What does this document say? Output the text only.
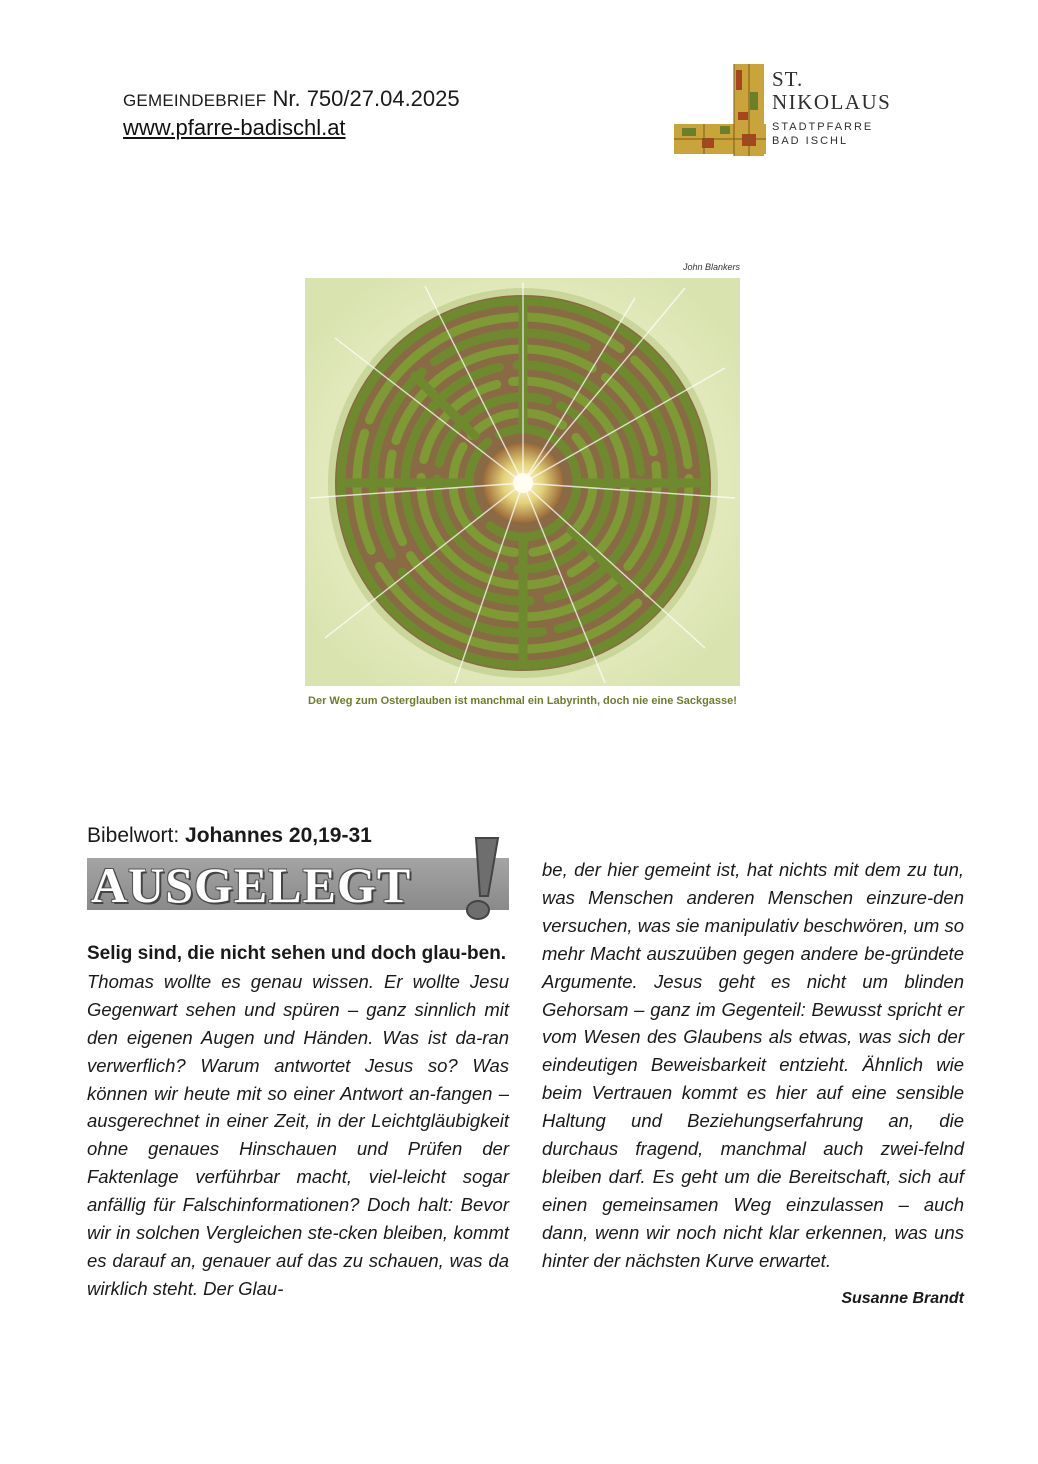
GEMEINDEBRIEF Nr. 750/27.04.2025
www.pfarre-badischl.at
ST.
NIKOLAUS
STADTPFARRE
BAD ISCHL
John Blankers
Der Weg zum Osterglauben ist manchmal ein Labyrinth, doch nie eine Sackgasse!
Bibelwort: Johannes 20,19-31
AUSGELEGT
Selig sind, die nicht sehen und doch glau-ben.
Thomas wollte es genau wissen. Er wollte Jesu Gegenwart sehen und spüren – ganz sinnlich mit den eigenen Augen und Händen. Was ist da-ran verwerflich? Warum antwortet Jesus so? Was können wir heute mit so einer Antwort an-fangen – ausgerechnet in einer Zeit, in der Leichtgläubigkeit ohne genaues Hinschauen und Prüfen der Faktenlage verführbar macht, viel-leicht sogar anfällig für Falschinformationen? Doch halt: Bevor wir in solchen Vergleichen ste-cken bleiben, kommt es darauf an, genauer auf das zu schauen, was da wirklich steht. Der Glau-
be, der hier gemeint ist, hat nichts mit dem zu tun, was Menschen anderen Menschen einzure-den versuchen, was sie manipulativ beschwören, um so mehr Macht auszuüben gegen andere be-gründete Argumente. Jesus geht es nicht um blinden Gehorsam – ganz im Gegenteil: Bewusst spricht er vom Wesen des Glaubens als etwas, was sich der eindeutigen Beweisbarkeit entzieht. Ähnlich wie beim Vertrauen kommt es hier auf eine sensible Haltung und Beziehungserfahrung an, die durchaus fragend, manchmal auch zwei-felnd bleiben darf. Es geht um die Bereitschaft, sich auf einen gemeinsamen Weg einzulassen – auch dann, wenn wir noch nicht klar erkennen, was uns hinter der nächsten Kurve erwartet.
Susanne Brandt
